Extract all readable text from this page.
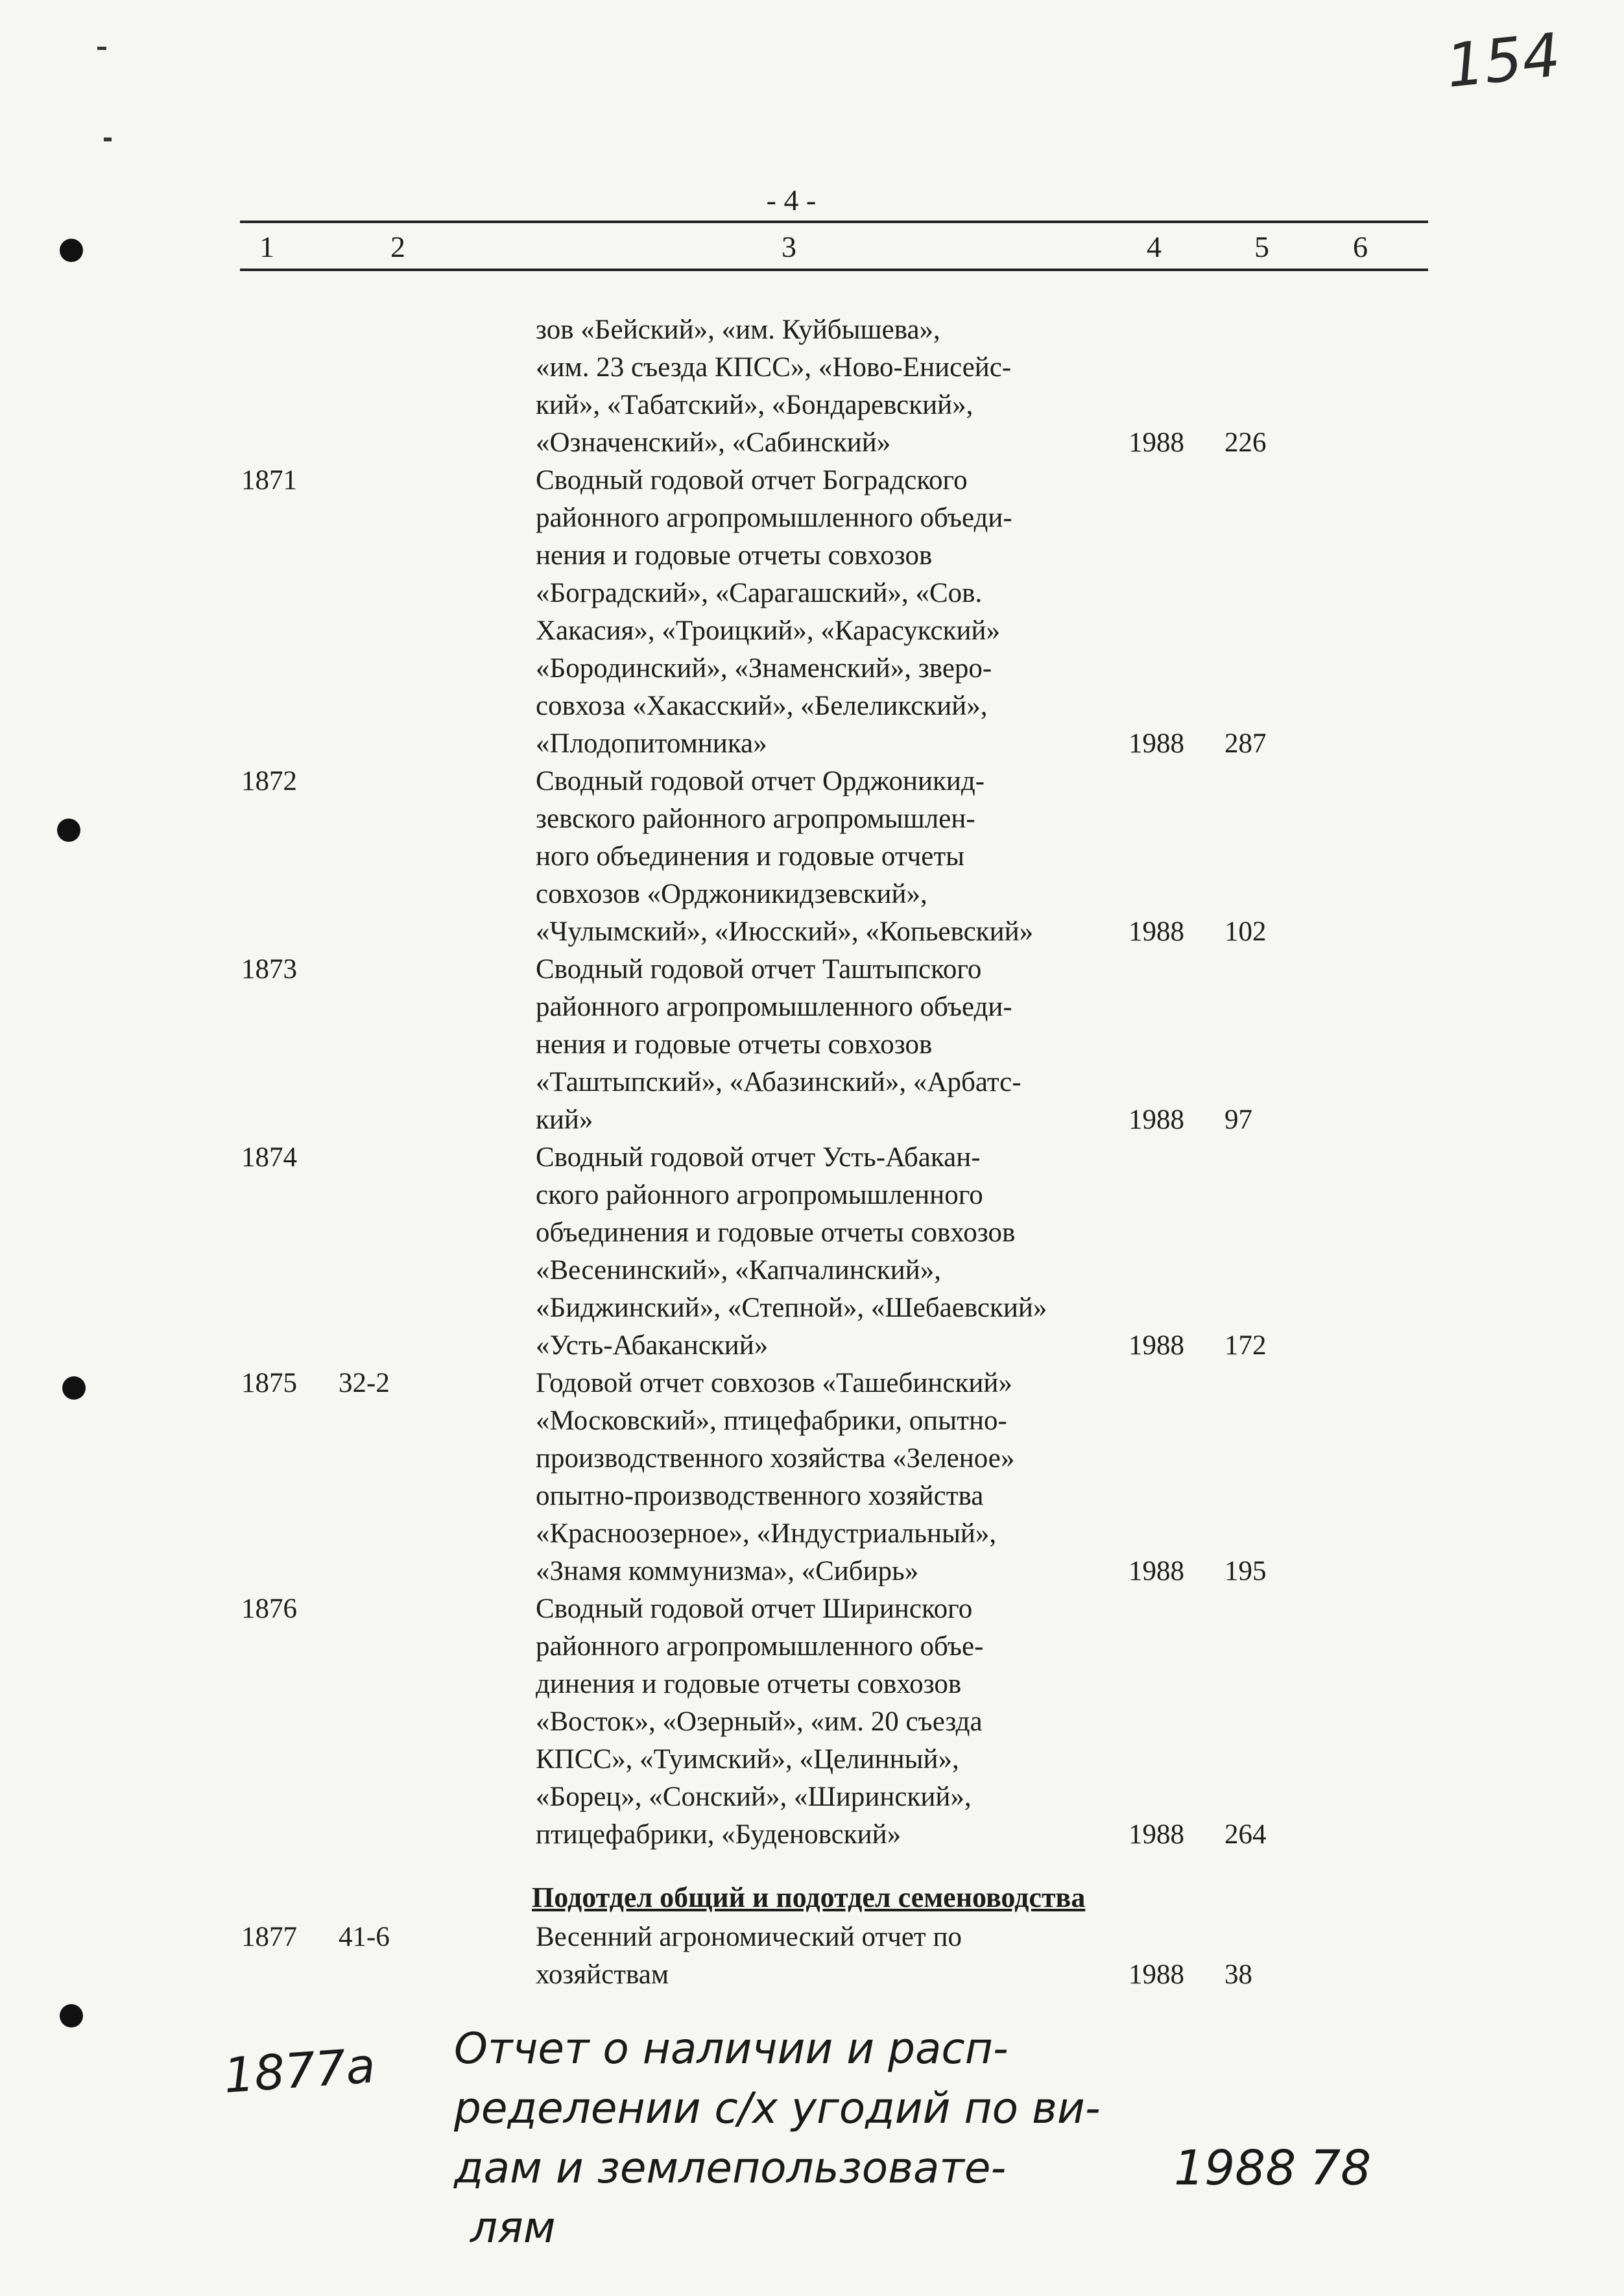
154
- 4 -
1	2	3	4	5	6
зов «Бейский», «им. Куйбышева»,
«им. 23 съезда КПСС», «Ново-Енисейс-
кий», «Табатский», «Бондаревский»,
«Означенский», «Сабинский»	1988	226
1871	Сводный годовой отчет Боградского
районного агропромышленного объеди-
нения и годовые отчеты совхозов
«Боградский», «Сарагашский», «Сов.
Хакасия», «Троицкий», «Карасукский»
«Бородинский», «Знаменский», зверо-
совхоза «Хакасский», «Белеликский»,
«Плодопитомника»	1988	287
1872	Сводный годовой отчет Орджоникид-
зевского районного агропромышлен-
ного объединения и годовые отчеты
совхозов «Орджоникидзевский»,
«Чулымский», «Июсский», «Копьевский»	1988	102
1873	Сводный годовой отчет Таштыпского
районного агропромышленного объеди-
нения и годовые отчеты совхозов
«Таштыпский», «Абазинский», «Арбатс-
кий»	1988	97
1874	Сводный годовой отчет Усть-Абакан-
ского районного агропромышленного
объединения и годовые отчеты совхозов
«Весенинский», «Капчалинский»,
«Биджинский», «Степной», «Шебаевский»
«Усть-Абаканский»	1988	172
1875 32-2	Годовой отчет совхозов «Ташебинский»
«Московский», птицефабрики, опытно-
производственного хозяйства «Зеленое»
опытно-производственного хозяйства
«Красноозерное», «Индустриальный»,
«Знамя коммунизма», «Сибирь»	1988	195
1876	Сводный годовой отчет Ширинского
районного агропромышленного объе-
динения и годовые отчеты совхозов
«Восток», «Озерный», «им. 20 съезда
КПСС», «Туимский», «Целинный»,
«Борец», «Сонский», «Ширинский»,
птицефабрики, «Буденовский»	1988	264
Подотдел общий и подотдел семеноводства
1877 41-6	Весенний агрономический отчет по
хозяйствам	1988	38
1877а Отчет о наличии и расп-
ределении с/х угодий по ви-
дам и землепользовате-
лям
1988 78
